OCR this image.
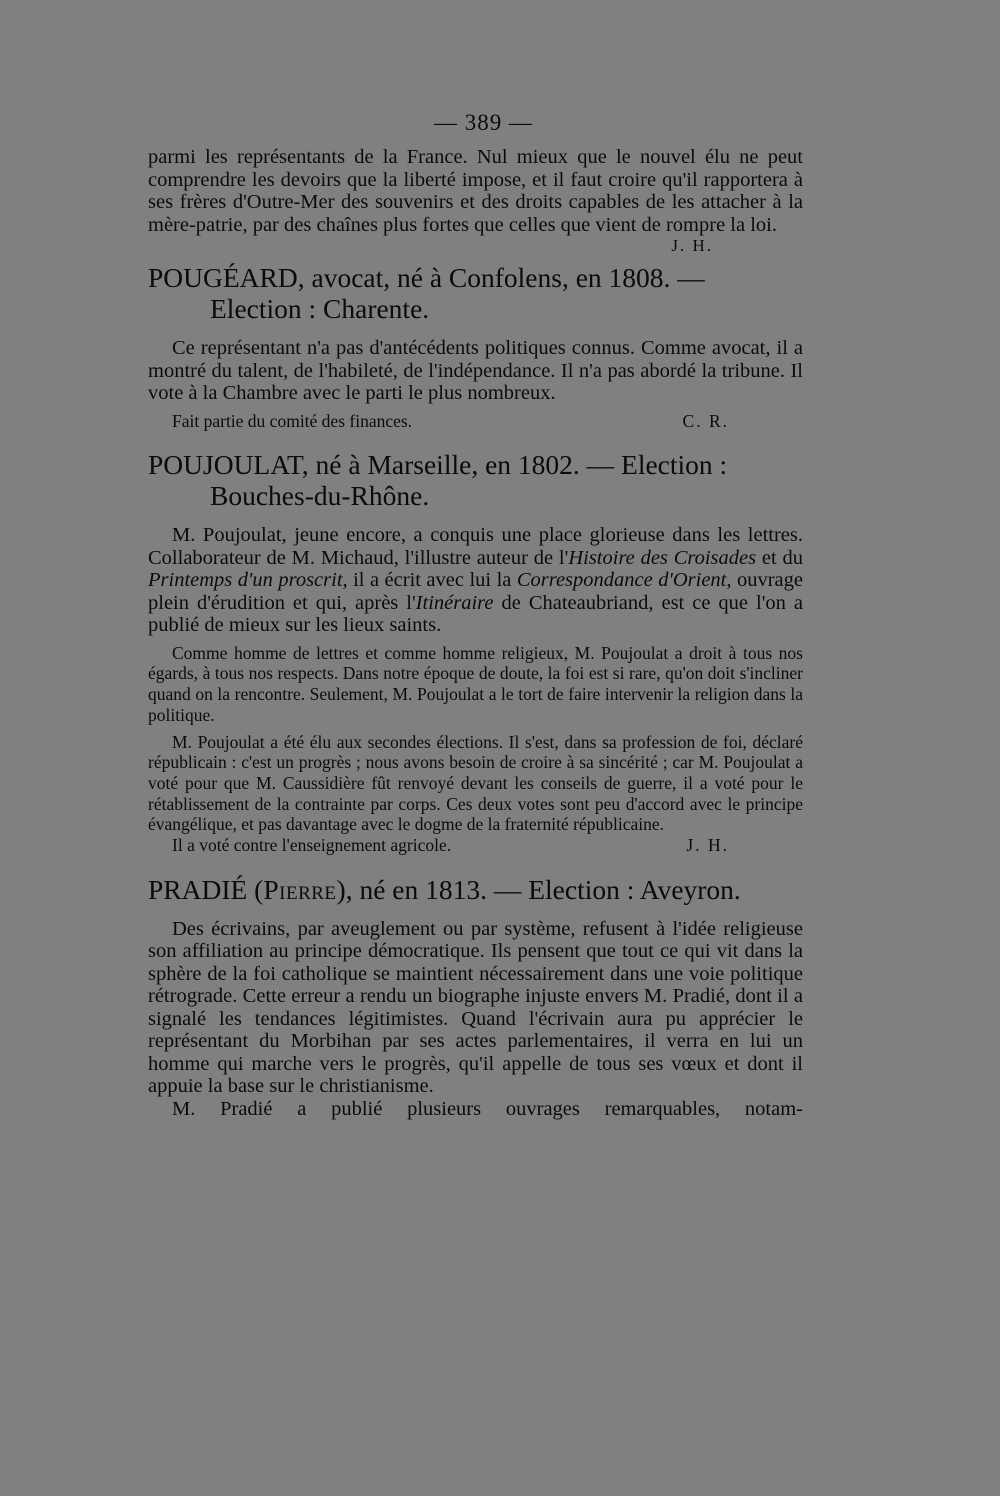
— 389 —

parmi les représentants de la France. Nul mieux que le nouvel élu ne peut comprendre les devoirs que la liberté impose, et il faut croire qu'il rapportera à ses frères d'Outre-Mer des souvenirs et des droits capables de les attacher à la mère-patrie, par des chaînes plus fortes que celles que vient de rompre la loi.

J. H.

POUGÉARD, avocat, né à Confolens, en 1808. — Election : Charente.

Ce représentant n'a pas d'antécédents politiques connus. Comme avocat, il a montré du talent, de l'habileté, de l'indépendance. Il n'a pas abordé la tribune. Il vote à la Chambre avec le parti le plus nombreux.

Fait partie du comité des finances.	C. R.

POUJOULAT, né à Marseille, en 1802. — Election : Bouches-du-Rhône.

M. Poujoulat, jeune encore, a conquis une place glorieuse dans les lettres. Collaborateur de M. Michaud, l'illustre auteur de l'Histoire des Croisades et du Printemps d'un proscrit, il a écrit avec lui la Correspondance d'Orient, ouvrage plein d'érudition et qui, après l'Itinéraire de Chateaubriand, est ce que l'on a publié de mieux sur les lieux saints.

Comme homme de lettres et comme homme religieux, M. Poujoulat a droit à tous nos égards, à tous nos respects. Dans notre époque de doute, la foi est si rare, qu'on doit s'incliner quand on la rencontre. Seulement, M. Poujoulat a le tort de faire intervenir la religion dans la politique.

M. Poujoulat a été élu aux secondes élections. Il s'est, dans sa profession de foi, déclaré républicain : c'est un progrès ; nous avons besoin de croire à sa sincérité ; car M. Poujoulat a voté pour que M. Caussidière fût renvoyé devant les conseils de guerre, il a voté pour le rétablissement de la contrainte par corps. Ces deux votes sont peu d'accord avec le principe évangélique, et pas davantage avec le dogme de la fraternité républicaine.

Il a voté contre l'enseignement agricole.	J. H.

PRADIÉ (Pierre), né en 1813. — Election : Aveyron.

Des écrivains, par aveuglement ou par système, refusent à l'idée religieuse son affiliation au principe démocratique. Ils pensent que tout ce qui vit dans la sphère de la foi catholique se maintient nécessairement dans une voie politique rétrograde. Cette erreur a rendu un biographe injuste envers M. Pradié, dont il a signalé les tendances légitimistes. Quand l'écrivain aura pu apprécier le représentant du Morbihan par ses actes parlementaires, il verra en lui un homme qui marche vers le progrès, qu'il appelle de tous ses vœux et dont il appuie la base sur le christianisme.

M. Pradié a publié plusieurs ouvrages remarquables, notam-
